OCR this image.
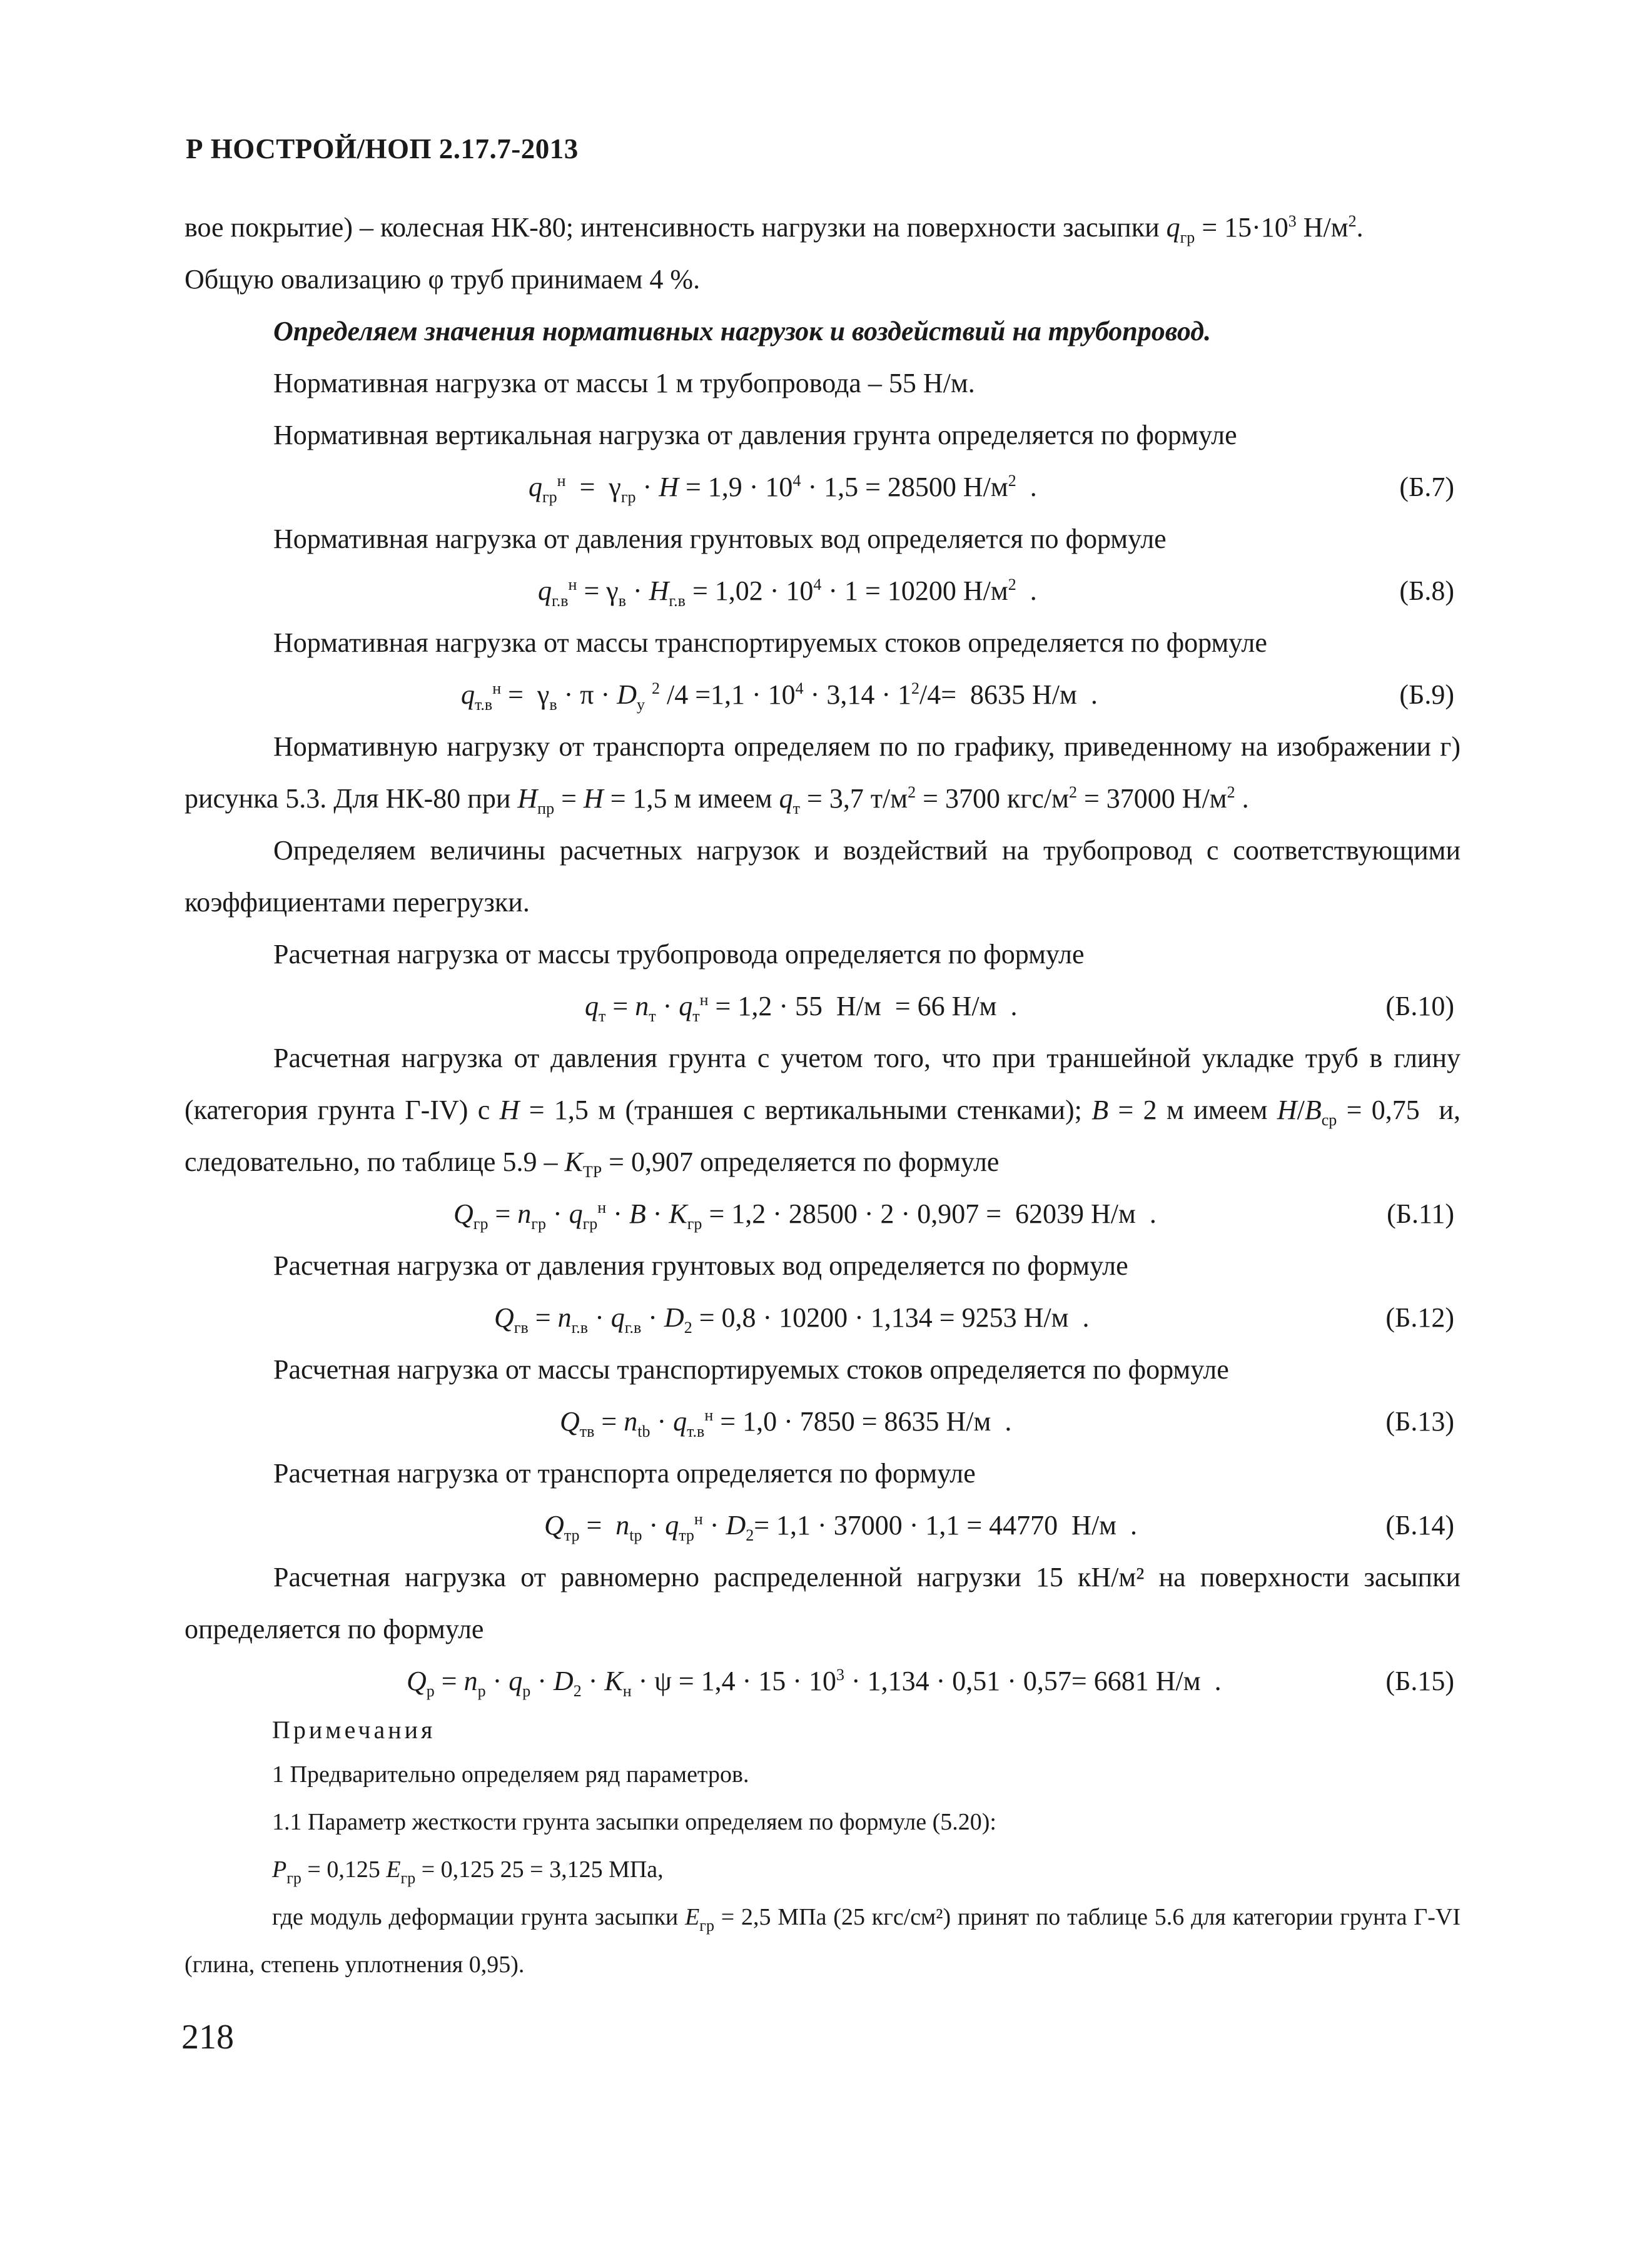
Р НОСТРОЙ/НОП 2.17.7-2013

вое покрытие) – колесная НК-80; интенсивность нагрузки на поверхности засыпки $q_{гр} = 15\cdot 10^3$ $Н/м^2$.
Общую овализацию φ труб принимаем 4 %.

Определяем значения нормативных нагрузок и воздействий на трубопровод.

Нормативная нагрузка от массы 1 м трубопровода – 55 Н/м.

Нормативная вертикальная нагрузка от давления грунта определяется по формуле

$q_{гр}^н = \gamma_{гр} \cdot H = 1,9 \cdot 10^4 \cdot 1,5 = 28500$ $Н/м^2$  .	(Б.7)

Нормативная нагрузка от давления грунтовых вод определяется по формуле

$q_{г.в}^н = \gamma_в \cdot H_{г.в} = 1,02 \cdot 10^4 \cdot 1 = 10200$ $Н/м^2$  .	(Б.8)

Нормативная нагрузка от массы транспортируемых стоков определяется по формуле

$q_{т.в}^н = \gamma_в \cdot \pi \cdot D_у$ $^2$ $/4 =1,1 \cdot 10^4 \cdot 3,14 \cdot 1^2/4= 8635$ Н/м  .	(Б.9)

Нормативную нагрузку от транспорта определяем по по графику, приведенному на изображении г) рисунка 5.3. Для НК-80 при $H_{пр} = H = 1,5$ м имеем $q_т = 3,7$ $т/м^2 = 3700$ кгс/$м^2 = 37000$ $Н/м^2$ .

Определяем величины расчетных нагрузок и воздействий на трубопровод с соответствующими коэффициентами перегрузки.

Расчетная нагрузка от массы трубопровода определяется по формуле

$q_т = n_т \cdot q_т^н = 1,2 \cdot 55$  Н/м  = 66 Н/м  .	(Б.10)

Расчетная нагрузка от давления грунта с учетом того, что при траншейной укладке труб в глину (категория грунта Г-IV) с H = 1,5 м (траншея с вертикальными стенками); B = 2 м имеем $H/B_{ср} = 0,75$  и, следовательно, по таблице $5.9 - K_{ТР} = 0,907$ определяется по формуле

$Q_{гр} = n_{гр} \cdot q_{гр}^н \cdot B \cdot K_{гр} = 1,2 \cdot 28500 \cdot 2 \cdot 0,907 = 62039$ Н/м  .	(Б.11)

Расчетная нагрузка от давления грунтовых вод определяется по формуле

$Q_{гв} = n_{г.в} \cdot q_{г.в} \cdot D_2 = 0,8 \cdot 10200 \cdot 1,134 = 9253$ Н/м  .	(Б.12)

Расчетная нагрузка от массы транспортируемых стоков определяется по формуле

$Q_{тв} = n_{tb} \cdot q_{т.в}^н = 1,0 \cdot 7850 = 8635$ Н/м  .	(Б.13)

Расчетная нагрузка от транспорта определяется по формуле

$Q_{тр} = n_{tp} \cdot q_{тр}^н \cdot D_2= 1,1 \cdot 37000 \cdot 1,1 = 44770$  Н/м  .	(Б.14)

Расчетная нагрузка от равномерно распределенной нагрузки 15 кН/м² на поверхности засыпки определяется по формуле

$Q_р = n_р \cdot q_р \cdot D_2 \cdot K_н \cdot \psi = 1,4 \cdot 15 \cdot 10^3 \cdot 1,134 \cdot 0,51 \cdot 0,57= 6681$ Н/м  .	(Б.15)
Примечания

1 Предварительно определяем ряд параметров.

1.1 Параметр жесткости грунта засыпки определяем по формуле (5.20):

$P_{гр} = 0,125$ $E_{гр} = 0,125$ 25 = 3,125 МПа,

где модуль деформации грунта засыпки $E_{гр} = 2,5$ МПа (25 кгс/см²) принят по таблице 5.6 для категории грунта Г-VI (глина, степень уплотнения 0,95).

218
